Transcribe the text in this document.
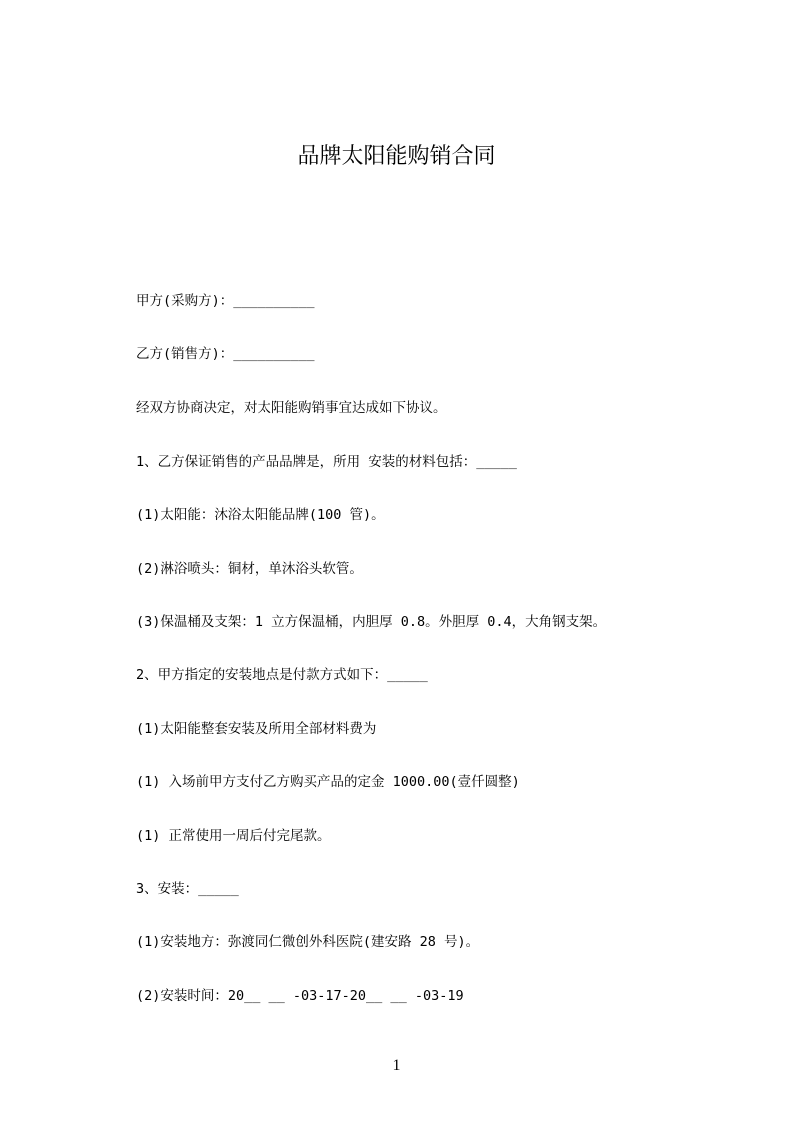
品牌太阳能购销合同
甲方(采购方)：__________
乙方(销售方)：__________
经双方协商决定，对太阳能购销事宜达成如下协议。
1、乙方保证销售的产品品牌是，所用 安装的材料包括：_____
(1)太阳能：沐浴太阳能品牌(100 管)。
(2)淋浴喷头：铜材，单沐浴头软管。
(3)保温桶及支架：1 立方保温桶，内胆厚 0.8。外胆厚 0.4，大角钢支架。
2、甲方指定的安装地点是付款方式如下：_____
(1)太阳能整套安装及所用全部材料费为
(1) 入场前甲方支付乙方购买产品的定金 1000.00(壹仟圆整)
(1) 正常使用一周后付完尾款。
3、安装：_____
(1)安装地方：弥渡同仁微创外科医院(建安路 28 号)。
(2)安装时间：20__ __ -03-17-20__ __ -03-19
1
